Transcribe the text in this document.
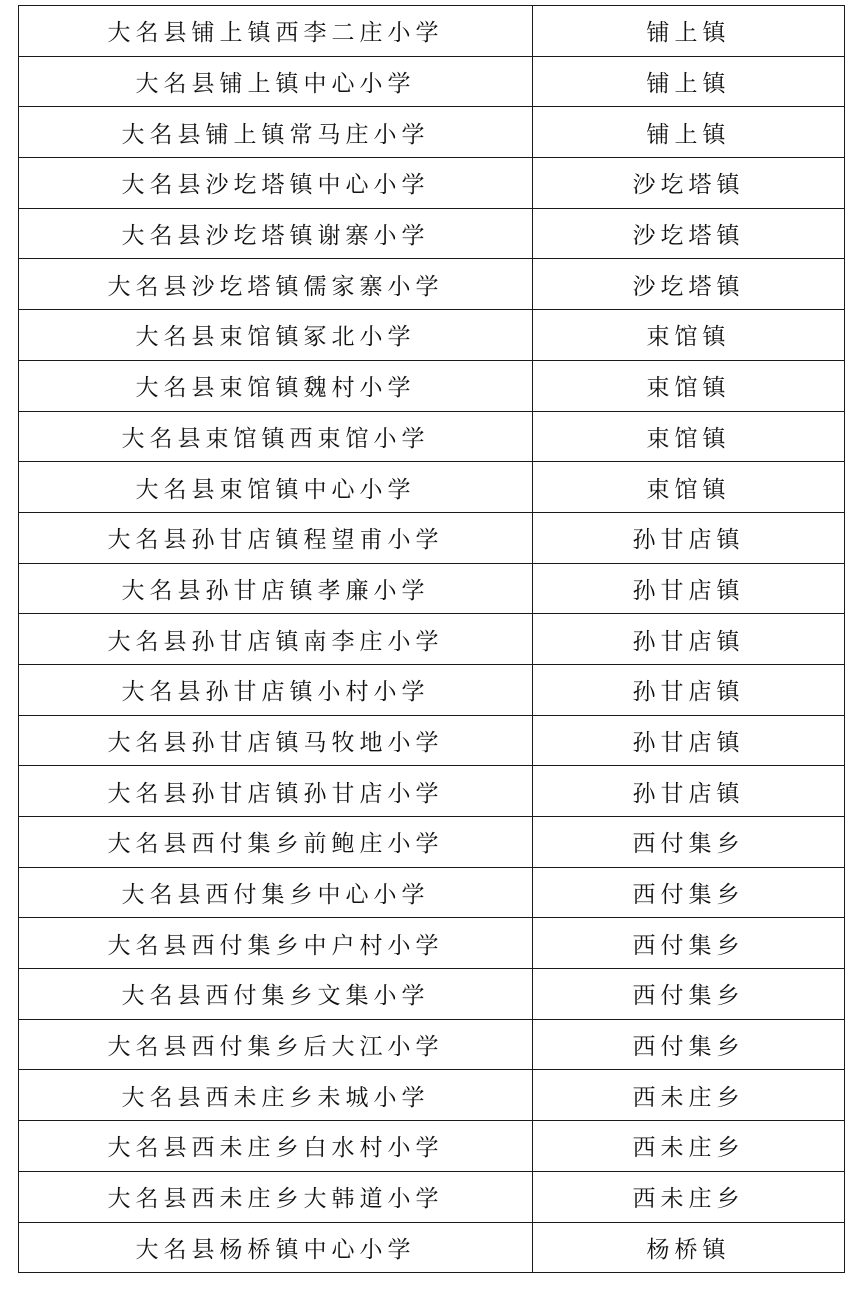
大名县铺上镇西李二庄小学	铺上镇
大名县铺上镇中心小学	铺上镇
大名县铺上镇常马庄小学	铺上镇
大名县沙圪塔镇中心小学	沙圪塔镇
大名县沙圪塔镇谢寨小学	沙圪塔镇
大名县沙圪塔镇儒家寨小学	沙圪塔镇
大名县束馆镇冢北小学	束馆镇
大名县束馆镇魏村小学	束馆镇
大名县束馆镇西束馆小学	束馆镇
大名县束馆镇中心小学	束馆镇
大名县孙甘店镇程望甫小学	孙甘店镇
大名县孙甘店镇孝廉小学	孙甘店镇
大名县孙甘店镇南李庄小学	孙甘店镇
大名县孙甘店镇小村小学	孙甘店镇
大名县孙甘店镇马牧地小学	孙甘店镇
大名县孙甘店镇孙甘店小学	孙甘店镇
大名县西付集乡前鲍庄小学	西付集乡
大名县西付集乡中心小学	西付集乡
大名县西付集乡中户村小学	西付集乡
大名县西付集乡文集小学	西付集乡
大名县西付集乡后大江小学	西付集乡
大名县西未庄乡未城小学	西未庄乡
大名县西未庄乡白水村小学	西未庄乡
大名县西未庄乡大韩道小学	西未庄乡
大名县杨桥镇中心小学	杨桥镇
